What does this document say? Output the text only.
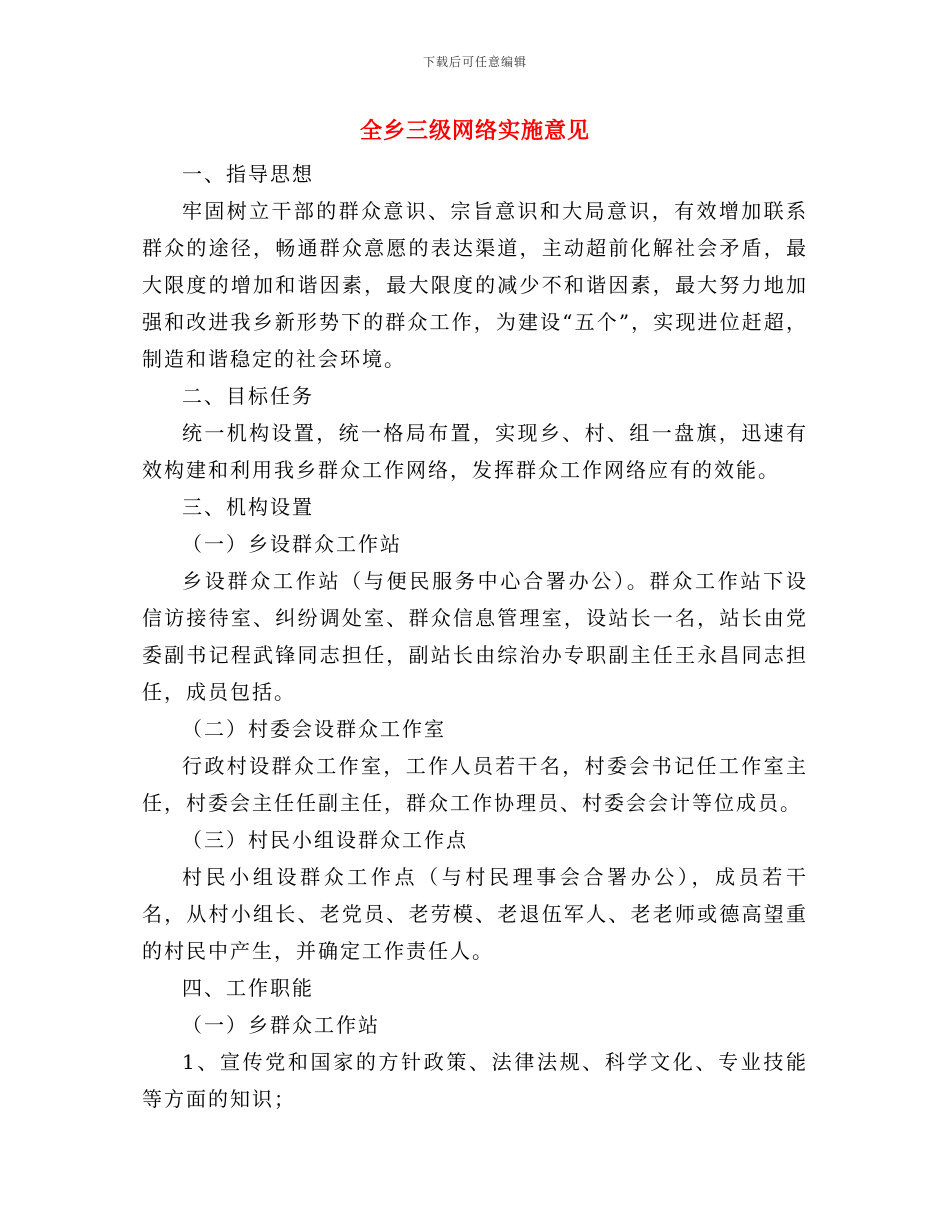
下载后可任意编辑
全乡三级网络实施意见

一、指导思想

牢固树立干部的群众意识、宗旨意识和大局意识，有效增加联系群众的途径，畅通群众意愿的表达渠道，主动超前化解社会矛盾，最大限度的增加和谐因素，最大限度的减少不和谐因素，最大努力地加强和改进我乡新形势下的群众工作，为建设“五个”，实现进位赶超，制造和谐稳定的社会环境。

二、目标任务

统一机构设置，统一格局布置，实现乡、村、组一盘旗，迅速有效构建和利用我乡群众工作网络，发挥群众工作网络应有的效能。

三、机构设置

（一）乡设群众工作站

乡设群众工作站（与便民服务中心合署办公）。群众工作站下设信访接待室、纠纷调处室、群众信息管理室，设站长一名，站长由党委副书记程武锋同志担任，副站长由综治办专职副主任王永昌同志担任，成员包括。

（二）村委会设群众工作室

行政村设群众工作室，工作人员若干名，村委会书记任工作室主任，村委会主任任副主任，群众工作协理员、村委会会计等位成员。

（三）村民小组设群众工作点

村民小组设群众工作点（与村民理事会合署办公），成员若干名，从村小组长、老党员、老劳模、老退伍军人、老老师或德高望重的村民中产生，并确定工作责任人。

四、工作职能

（一）乡群众工作站

1、宣传党和国家的方针政策、法律法规、科学文化、专业技能等方面的知识；
